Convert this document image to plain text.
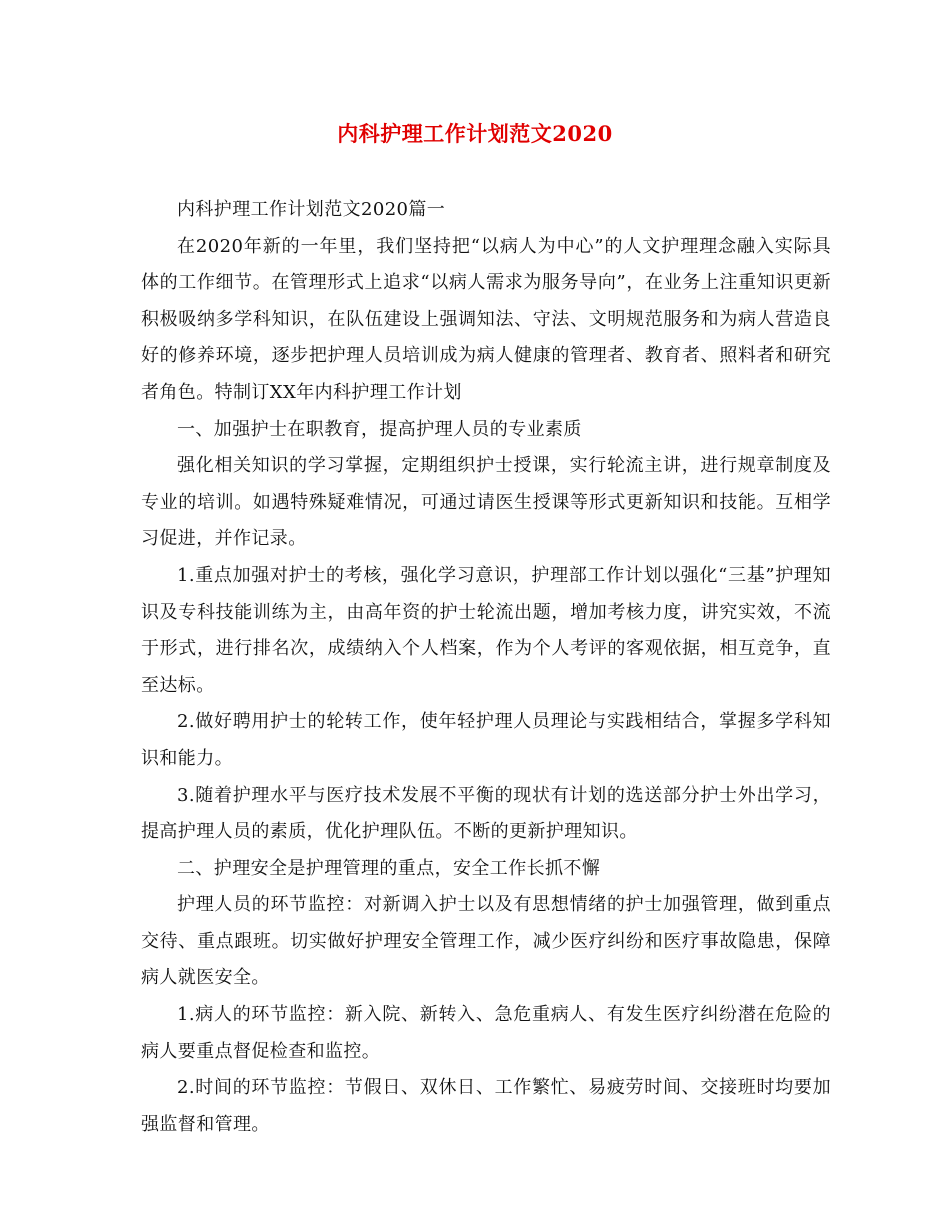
内科护理工作计划范文2020

内科护理工作计划范文2020篇一

在2020年新的一年里，我们坚持把“以病人为中心”的人文护理理念融入实际具体的工作细节。在管理形式上追求“以病人需求为服务导向”，在业务上注重知识更新积极吸纳多学科知识，在队伍建设上强调知法、守法、文明规范服务和为病人营造良好的修养环境，逐步把护理人员培训成为病人健康的管理者、教育者、照料者和研究者角色。特制订XX年内科护理工作计划

一、加强护士在职教育，提高护理人员的专业素质

强化相关知识的学习掌握，定期组织护士授课，实行轮流主讲，进行规章制度及专业的培训。如遇特殊疑难情况，可通过请医生授课等形式更新知识和技能。互相学习促进，并作记录。

1.重点加强对护士的考核，强化学习意识，护理部工作计划以强化“三基”护理知识及专科技能训练为主，由高年资的护士轮流出题，增加考核力度，讲究实效，不流于形式，进行排名次，成绩纳入个人档案，作为个人考评的客观依据，相互竞争，直至达标。

2.做好聘用护士的轮转工作，使年轻护理人员理论与实践相结合，掌握多学科知识和能力。

3.随着护理水平与医疗技术发展不平衡的现状有计划的选送部分护士外出学习，提高护理人员的素质，优化护理队伍。不断的更新护理知识。

二、护理安全是护理管理的重点，安全工作长抓不懈

护理人员的环节监控：对新调入护士以及有思想情绪的护士加强管理，做到重点交待、重点跟班。切实做好护理安全管理工作，减少医疗纠纷和医疗事故隐患，保障病人就医安全。

1.病人的环节监控：新入院、新转入、急危重病人、有发生医疗纠纷潜在危险的病人要重点督促检查和监控。

2.时间的环节监控：节假日、双休日、工作繁忙、易疲劳时间、交接班时均要加强监督和管理。
